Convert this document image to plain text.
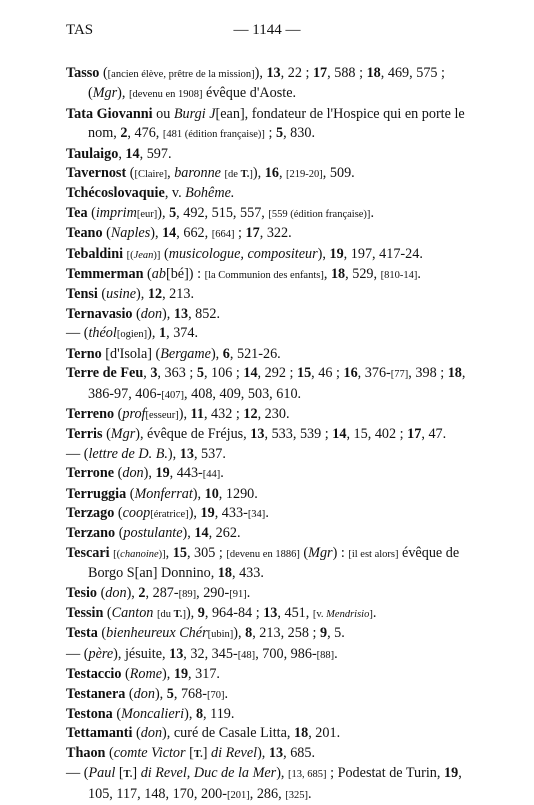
TAS	— 1144 —

Tasso ([ancien élève, prêtre de la mission]), 13, 22 ; 17, 588 ; 18, 469, 575 ; (Mgr), [devenu en 1908] évêque d'Aoste.

Tata Giovanni ou Burgi J[ean], fondateur de l'Hospice qui en porte le nom, 2, 476, [481 (édition française)] ; 5, 830.

Taulaigo, 14, 597.

Tavernost ([Claire], baronne [de T.]), 16, [219-20], 509.

Tchécoslovaquie, v. Bohême.

Tea (imprim[eur]), 5, 492, 515, 557, [559 (édition française)].

Teano (Naples), 14, 662, [664] ; 17, 322.

Tebaldini [(Jean)] (musicologue, compositeur), 19, 197, 417-24.

Temmerman (ab[bé]) : [la Communion des enfants], 18, 529, [810-14].

Tensi (usine), 12, 213.

Ternavasio (don), 13, 852.

— (théol[ogien]), 1, 374.

Terno [d'Isola] (Bergame), 6, 521-26.

Terre de Feu, 3, 363 ; 5, 106 ; 14, 292 ; 15, 46 ; 16, 376-[77], 398 ; 18, 386-97, 406-[407], 408, 409, 503, 610.

Terreno (prof[esseur]), 11, 432 ; 12, 230.

Terris (Mgr), évêque de Fréjus, 13, 533, 539 ; 14, 15, 402 ; 17, 47.

— (lettre de D. B.), 13, 537.

Terrone (don), 19, 443-[44].

Terruggia (Monferrat), 10, 1290.

Terzago (coop[ératrice]), 19, 433-[34].

Terzano (postulante), 14, 262.

Tescari [(chanoine)], 15, 305 ; [devenu en 1886] (Mgr) : [il est alors] évêque de Borgo S[an] Donnino, 18, 433.

Tesio (don), 2, 287-[89], 290-[91].

Tessin (Canton [du T.]), 9, 964-84 ; 13, 451, [v. Mendrisio].

Testa (bienheureux Chér[ubin]), 8, 213, 258 ; 9, 5.

— (père), jésuite, 13, 32, 345-[48], 700, 986-[88].

Testaccio (Rome), 19, 317.

Testanera (don), 5, 768-[70].

Testona (Moncalieri), 8, 119.

Tettamanti (don), curé de Casale Litta, 18, 201.

Thaon (comte Victor [T.] di Revel), 13, 685.

— (Paul [T.] di Revel, Duc de la Mer), [13, 685] ; Podestat de Turin, 19, 105, 117, 148, 170, 200-[201], 286, [325].
